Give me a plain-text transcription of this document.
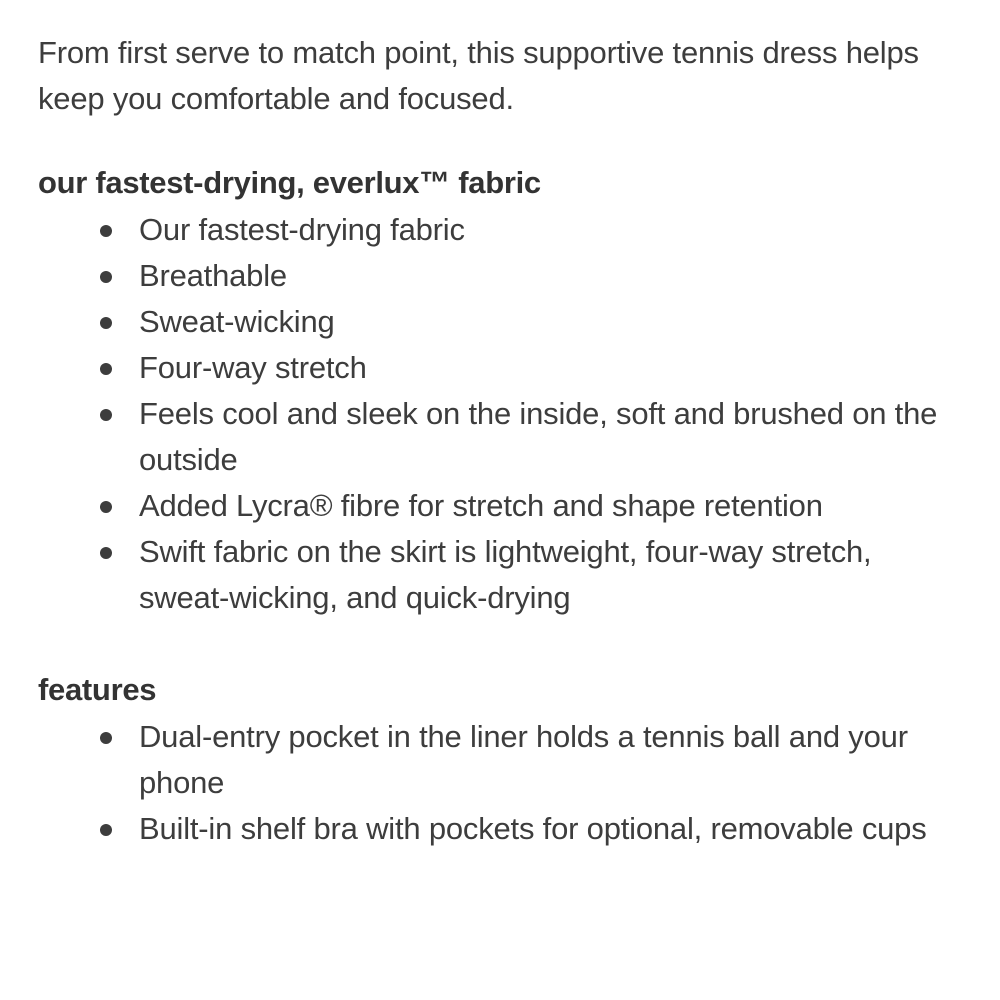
From first serve to match point, this supportive tennis dress helps keep you comfortable and focused.

our fastest-drying, everlux™ fabric
Our fastest-drying fabric
Breathable
Sweat-wicking
Four-way stretch
Feels cool and sleek on the inside, soft and brushed on the outside
Added Lycra® fibre for stretch and shape retention
Swift fabric on the skirt is lightweight, four-way stretch, sweat-wicking, and quick-drying
features
Dual-entry pocket in the liner holds a tennis ball and your phone
Built-in shelf bra with pockets for optional, removable cups
